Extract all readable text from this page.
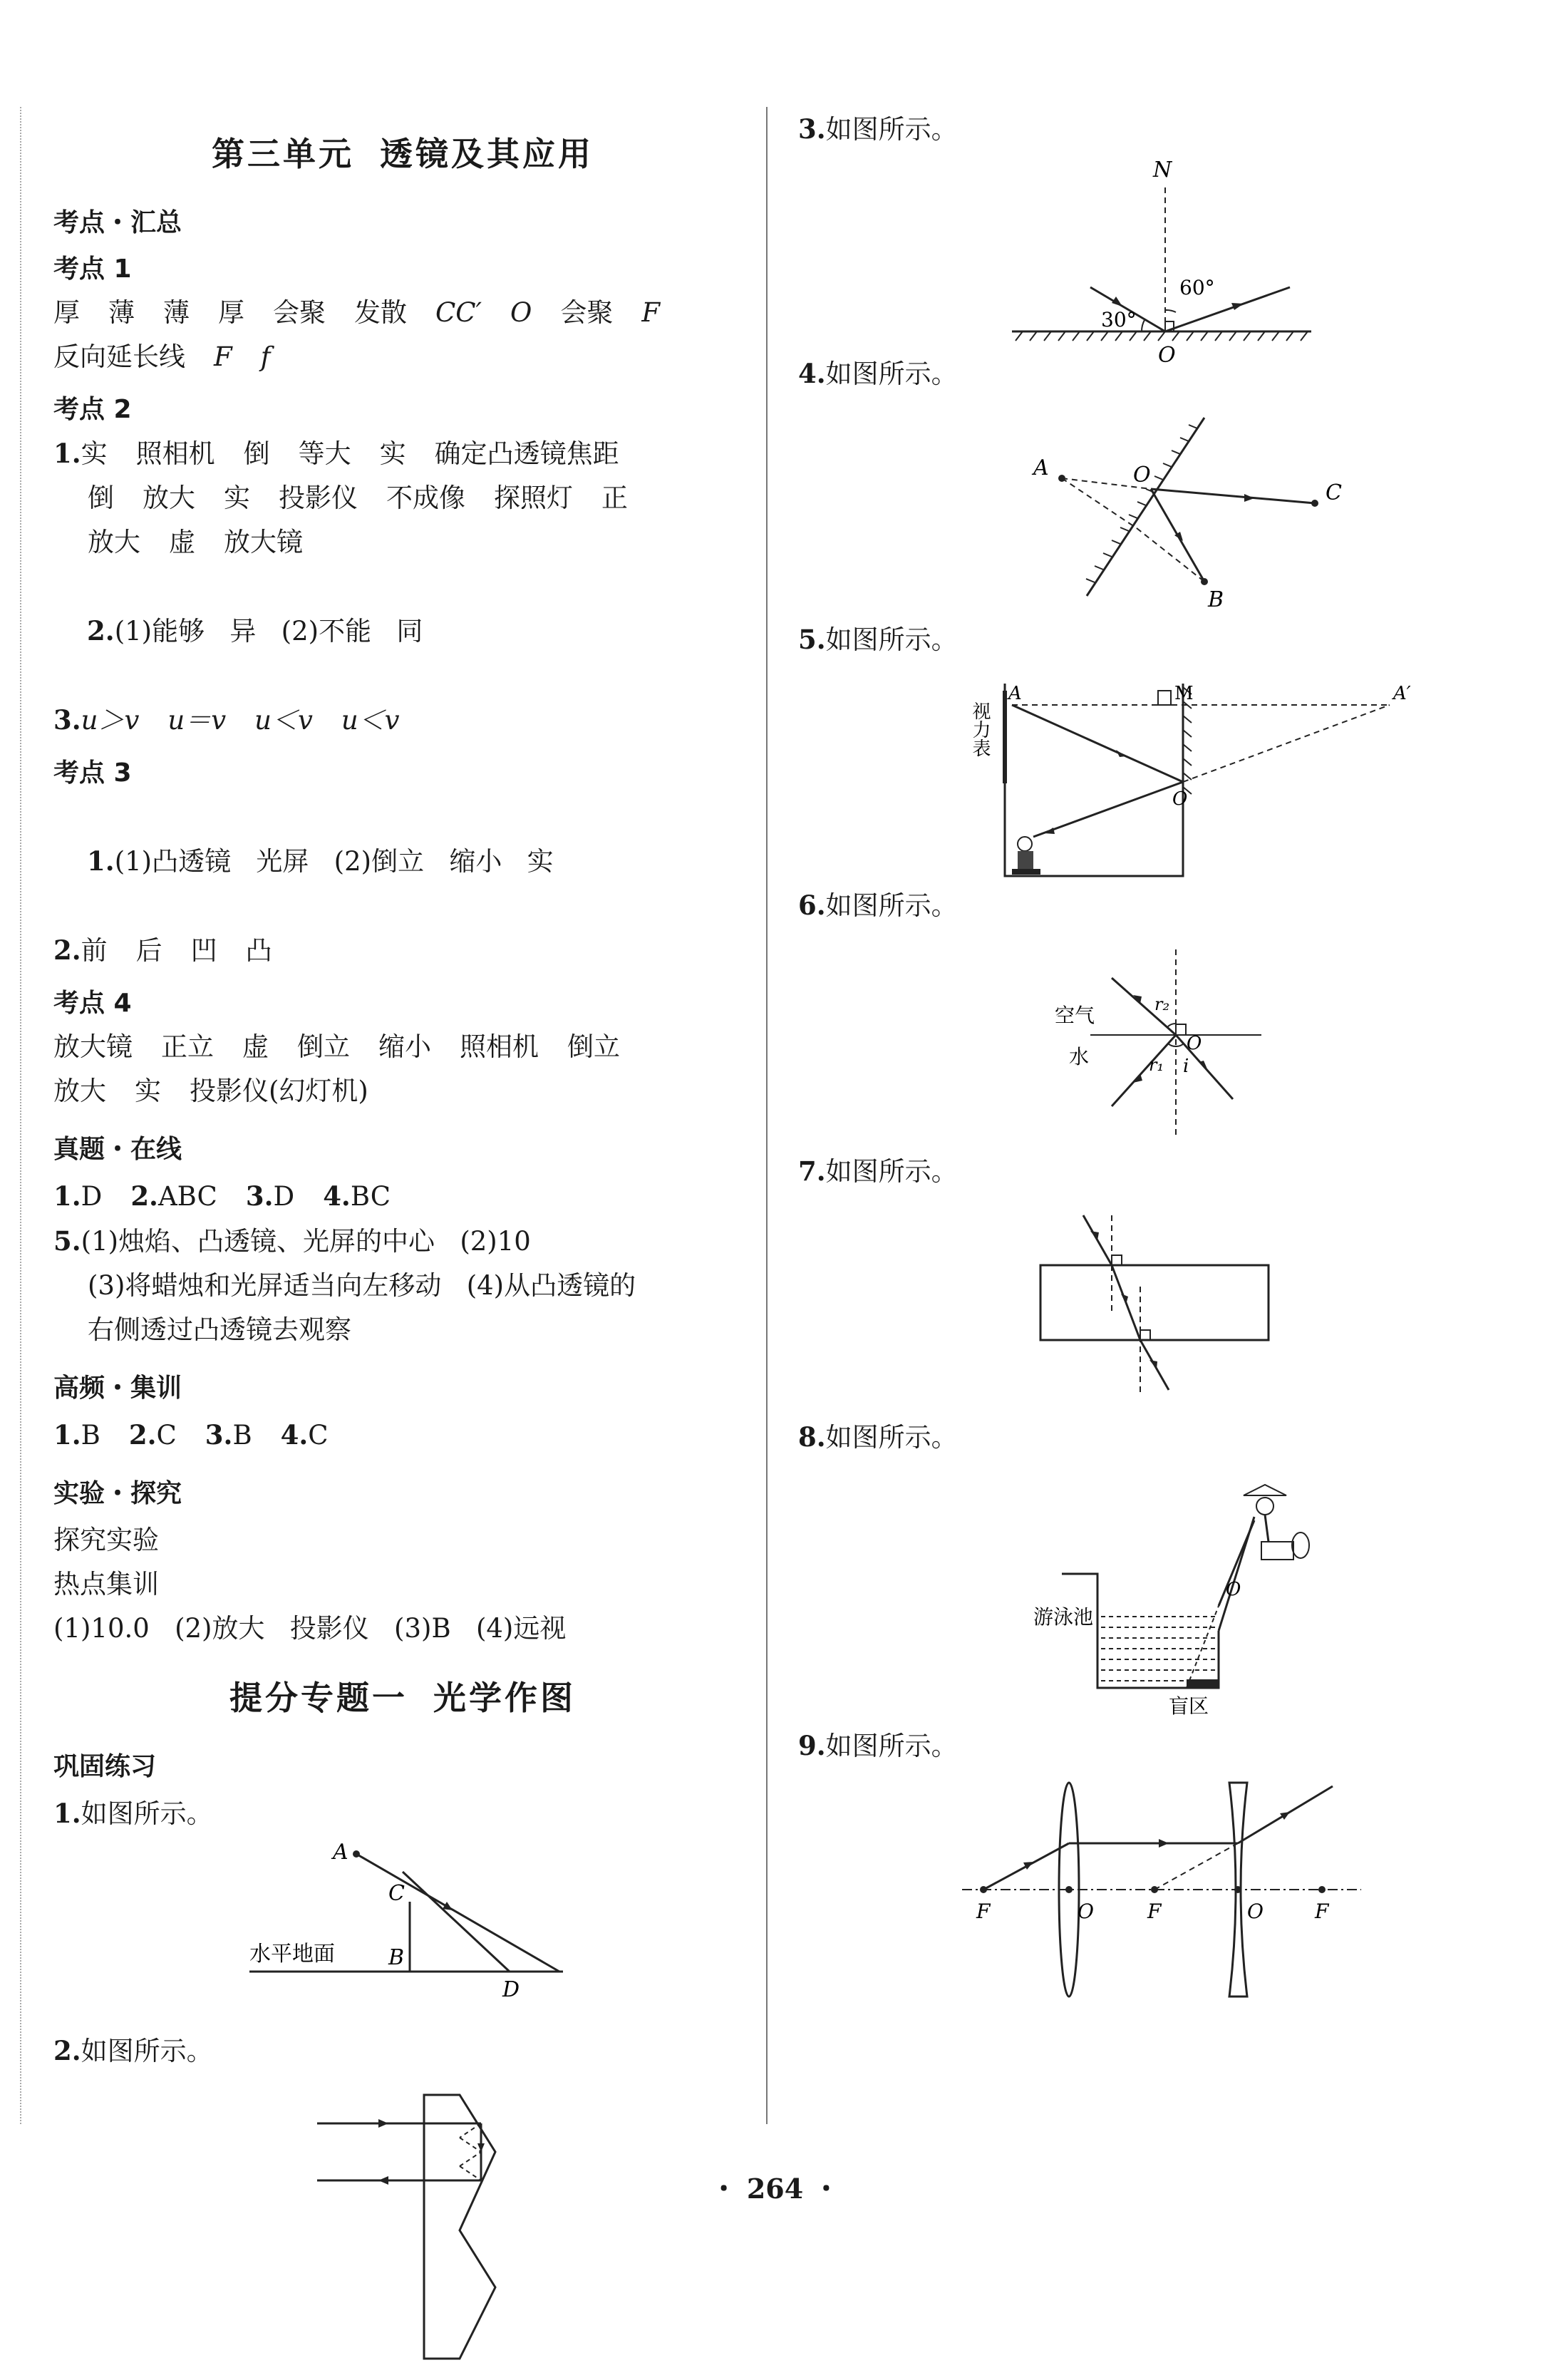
第三单元 透镜及其应用
考点・汇总
考点 1
厚 薄 薄 厚 会聚 发散 CC′ O 会聚 F
反向延长线 F f
考点 2
1.实 照相机 倒 等大 实 确定凸透镜焦距
倒 放大 实 投影仪 不成像 探照灯 正
放大 虚 放大镜

2.(1)能够   异   (2)不能   同

3.u＞v u＝v u＜v u＜v
考点 3

1.(1)凸透镜   光屏   (2)倒立   缩小   实

2.前 后 凹 凸
考点 4
放大镜 正立 虚 倒立 缩小 照相机 倒立
放大 实 投影仪(幻灯机)
真题・在线
1.D 2.ABC 3.D 4.BC
5.(1)烛焰、凸透镜、光屏的中心   (2)10
(3)将蜡烛和光屏适当向左移动   (4)从凸透镜的
右侧透过凸透镜去观察
高频・集训
1.B 2.C 3.B 4.C
实验・探究
探究实验
热点集训
(1)10.0   (2)放大   投影仪   (3)B   (4)远视
提分专题一 光学作图
巩固练习
1.如图所示。
A
C
B
D
水平地面
2.如图所示。
3.如图所示。
N
60°
30°
O
4.如图所示。
A	O
C
B
5.如图所示。
视力表
A	M	A′
O
6.如图所示。
空气
水
r₂
r₁
O
i
7.如图所示。
8.如图所示。
游泳池
盲区
O
9.如图所示。
F	O	F	O	F
・ 264 ・
